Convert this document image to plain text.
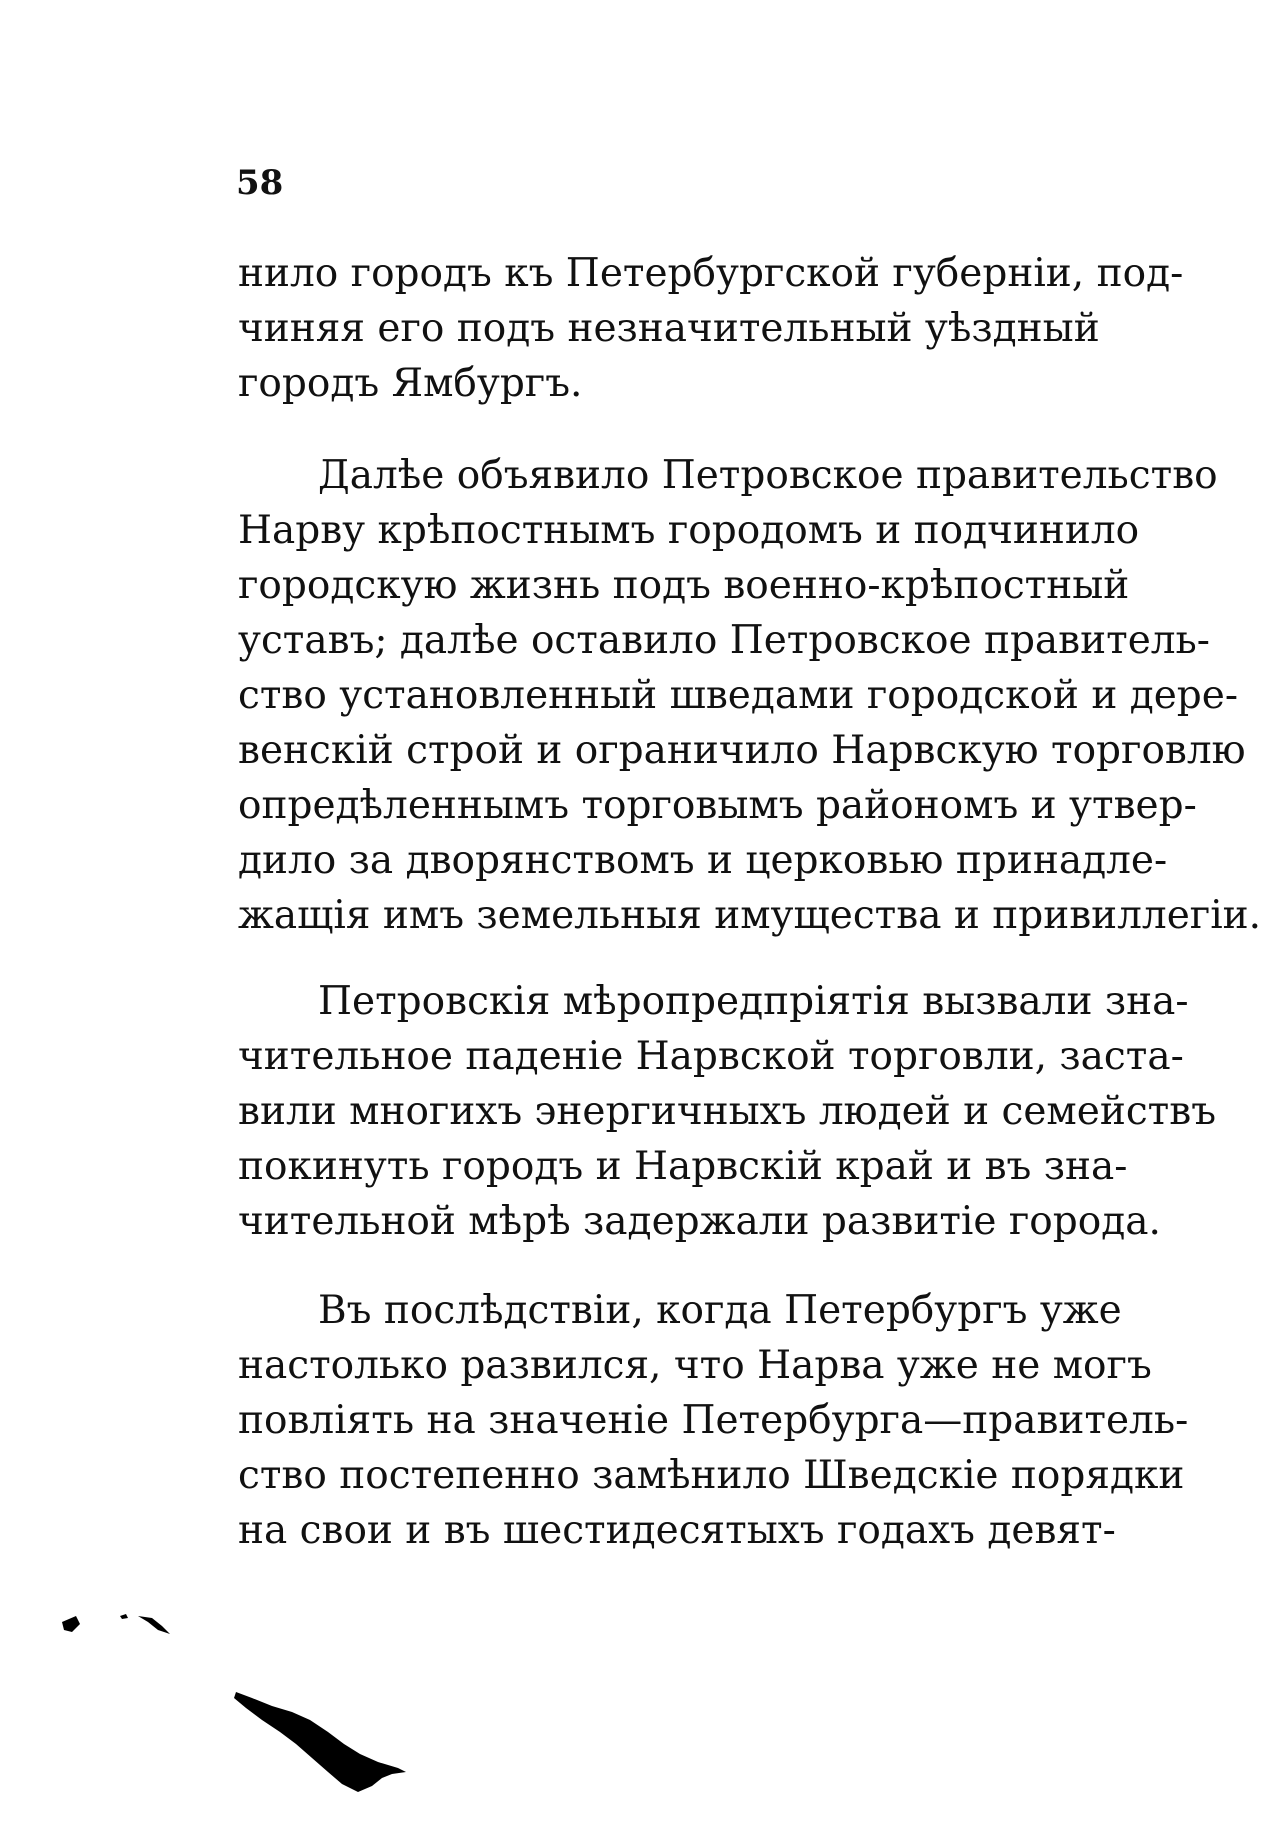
58
нило городъ къ Петербургской губерніи, под-
чиняя его подъ незначительный уѣздный
городъ Ямбургъ.
Далѣе объявило Петровское правительство
Нарву крѣпостнымъ городомъ и подчинило
городскую жизнь подъ военно-крѣпостный
уставъ; далѣе оставило Петровское правитель-
ство установленный шведами городской и дере-
венскій строй и ограничило Нарвскую торговлю
опредѣленнымъ торговымъ райономъ и утвер-
дило за дворянствомъ и церковью принадле-
жащія имъ земельныя имущества и привиллегіи.
Петровскія мѣропредпріятія вызвали зна-
чительное паденіе Нарвской торговли, заста-
вили многихъ энергичныхъ людей и семействъ
покинуть городъ и Нарвскій край и въ зна-
чительной мѣрѣ задержали развитіе города.
Въ послѣдствіи, когда Петербургъ уже
настолько развился, что Нарва уже не могъ
повліять на значеніе Петербурга—правитель-
ство постепенно замѣнило Шведскіе порядки
на свои и въ шестидесятыхъ годахъ девят-
